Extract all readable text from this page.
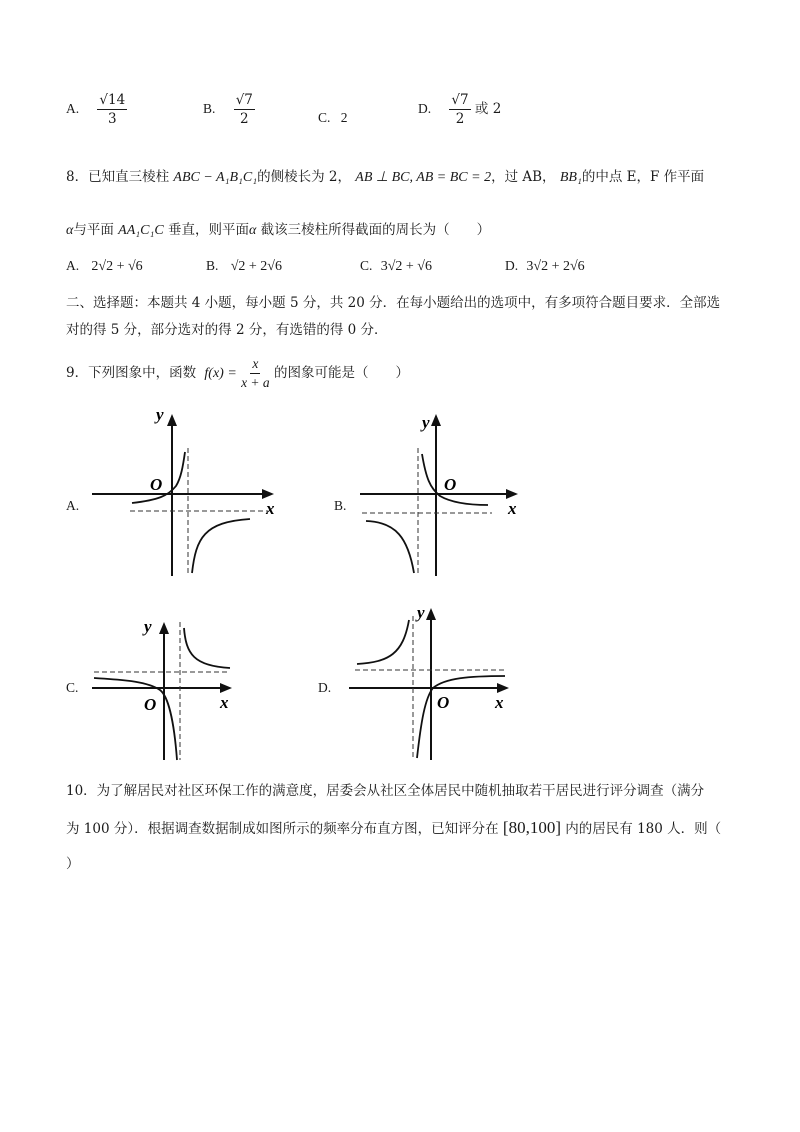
A. $\frac{√14}{3}$	B. $\frac{√7}{2}$	C. 2
D. $\frac{√7}{2}$ 或 2
8．已知直三棱柱 ABC − A₁B₁C₁的侧棱长为 2， AB ⊥ BC, AB = BC = 2，过 AB， BB₁的中点 E，F 作平面
α与平面 AA₁C₁C 垂直，则平面α 截该三棱柱所得截面的周长为（　　）
A. 2√2 + √6	B. √2 + 2√6	C. 3√2 + √6	D. 3√2 + 2√6
二、选择题：本题共 4 小题，每小题 5 分，共 20 分．在每小题给出的选项中，有多项符合题目要求．全部选
对的得 5 分，部分选对的得 2 分，有选错的得 0 分．
9．下列图象中，函数 $f(x) = \frac{x}{x + a}$ 的图象可能是（　　）
A.
y
O
x	B.
y
O
x
C.
y
O	x
D.
y
O	x
10．为了解居民对社区环保工作的满意度，居委会从社区全体居民中随机抽取若干居民进行评分调查（满分
为 100 分）．根据调查数据制成如图所示的频率分布直方图，已知评分在 [80,100] 内的居民有 180 人．则（
）
